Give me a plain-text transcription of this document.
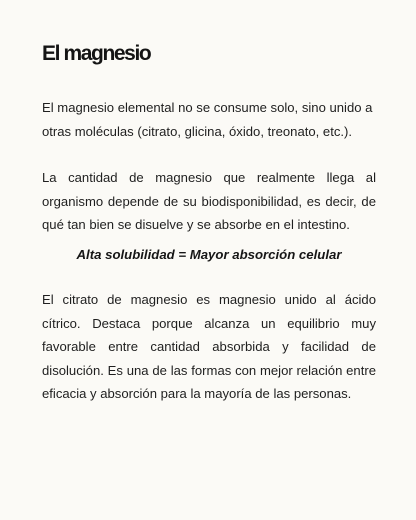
El magnesio

El magnesio elemental no se consume solo, sino unido a otras moléculas (citrato, glicina, óxido, treonato, etc.).

La cantidad de magnesio que realmente llega al organismo depende de su biodisponibilidad, es decir, de qué tan bien se disuelve y se absorbe en el intestino.

Alta solubilidad = Mayor absorción celular

El citrato de magnesio es magnesio unido al ácido cítrico. Destaca porque alcanza un equilibrio muy favorable entre cantidad absorbida y facilidad de disolución. Es una de las formas con mejor relación entre eficacia y absorción para la mayoría de las personas.
